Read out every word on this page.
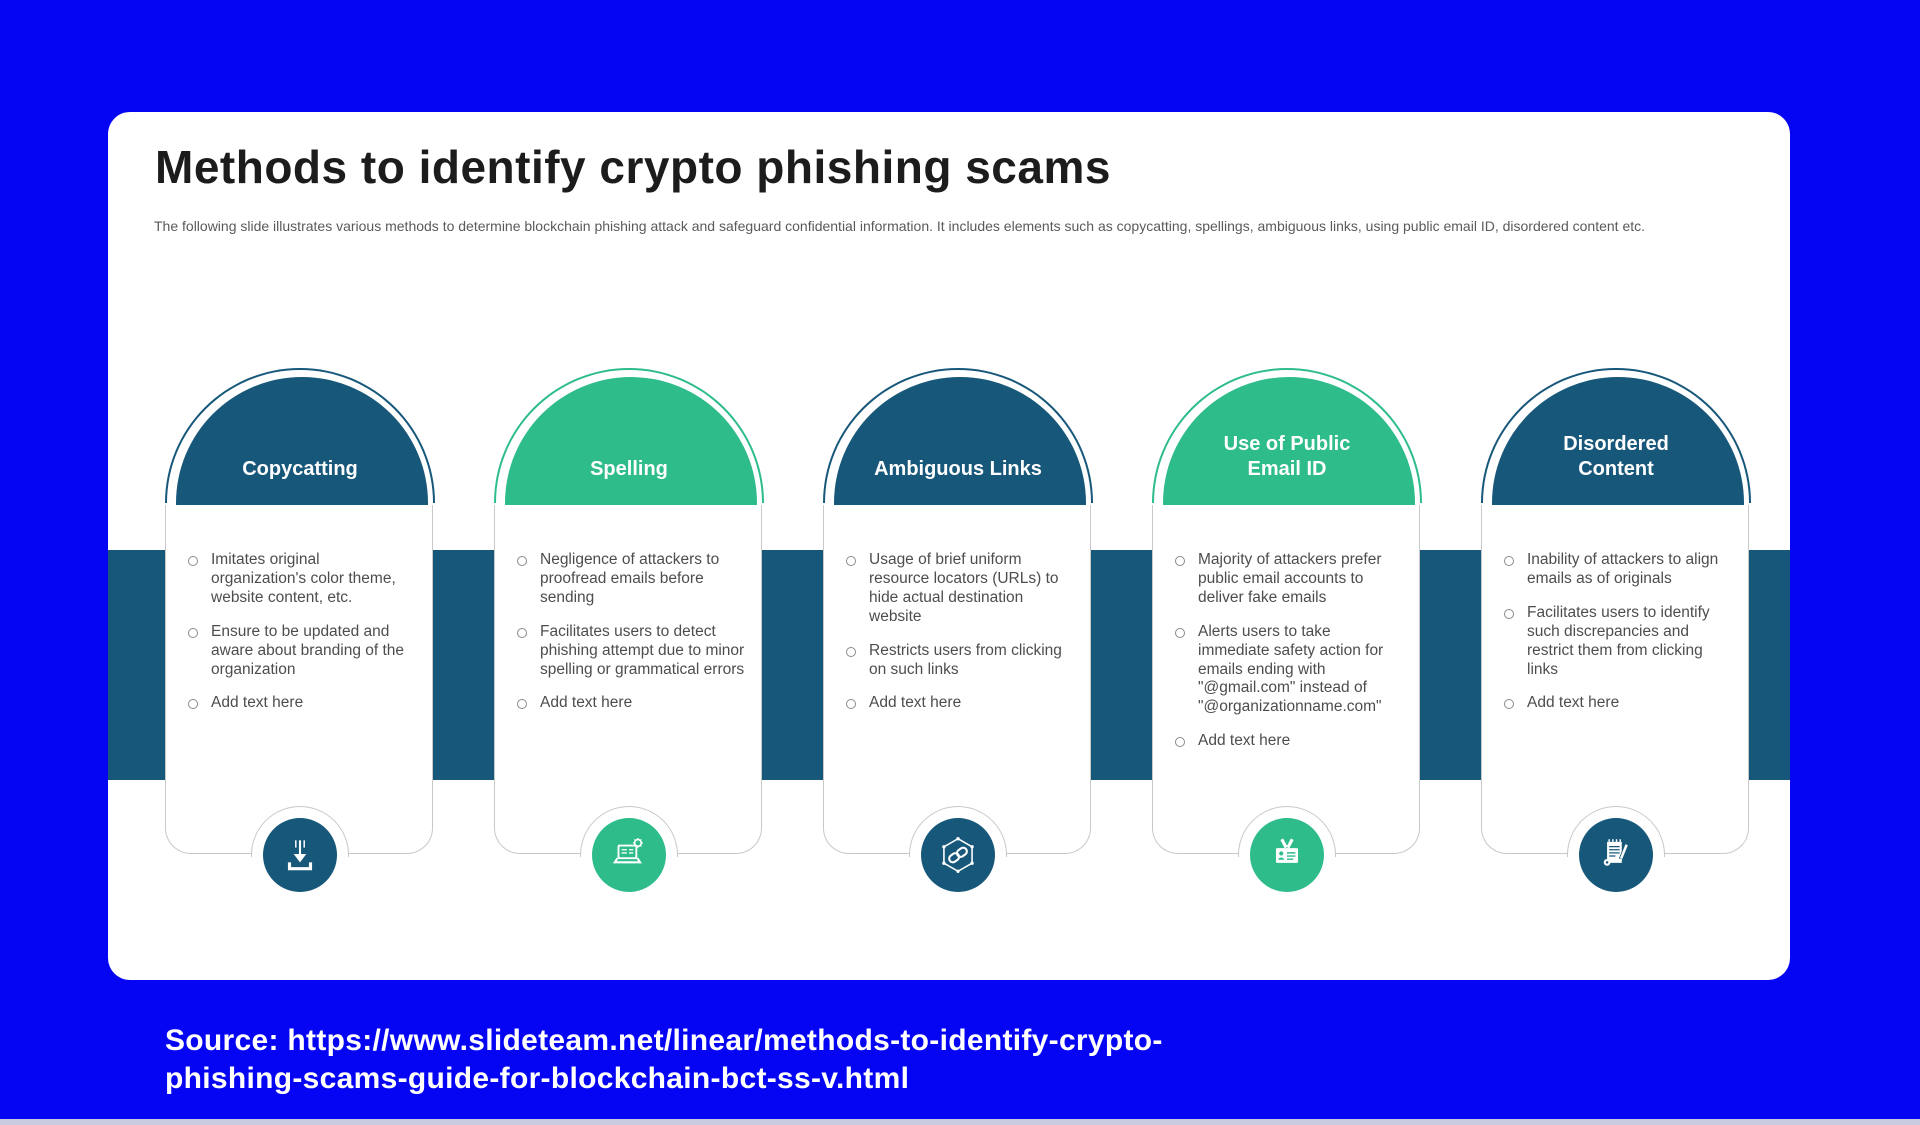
Methods to identify crypto phishing scams
The following slide illustrates various methods to determine blockchain phishing attack and safeguard confidential information. It includes elements such as copycatting, spellings, ambiguous links, using public email ID, disordered content etc.
Copycatting
Imitates original organization's color theme, website content, etc.
Ensure to be updated and aware about branding of the organization
Add text here
Spelling
Negligence of attackers to proofread emails before sending
Facilitates users to detect phishing attempt due to minor spelling or grammatical errors
Add text here
Ambiguous Links
Usage of brief uniform resource locators (URLs) to hide actual destination website
Restricts users from clicking on such links
Add text here
Use of Public Email ID
Majority of attackers prefer public email accounts to deliver fake emails
Alerts users to take immediate safety action for emails ending with "@gmail.com" instead of "@organizationname.com"
Add text here
Disordered Content
Inability of attackers to align emails as of originals
Facilitates users to identify such discrepancies and restrict them from clicking links
Add text here
Source: https://www.slideteam.net/linear/methods-to-identify-crypto-
phishing-scams-guide-for-blockchain-bct-ss-v.html
